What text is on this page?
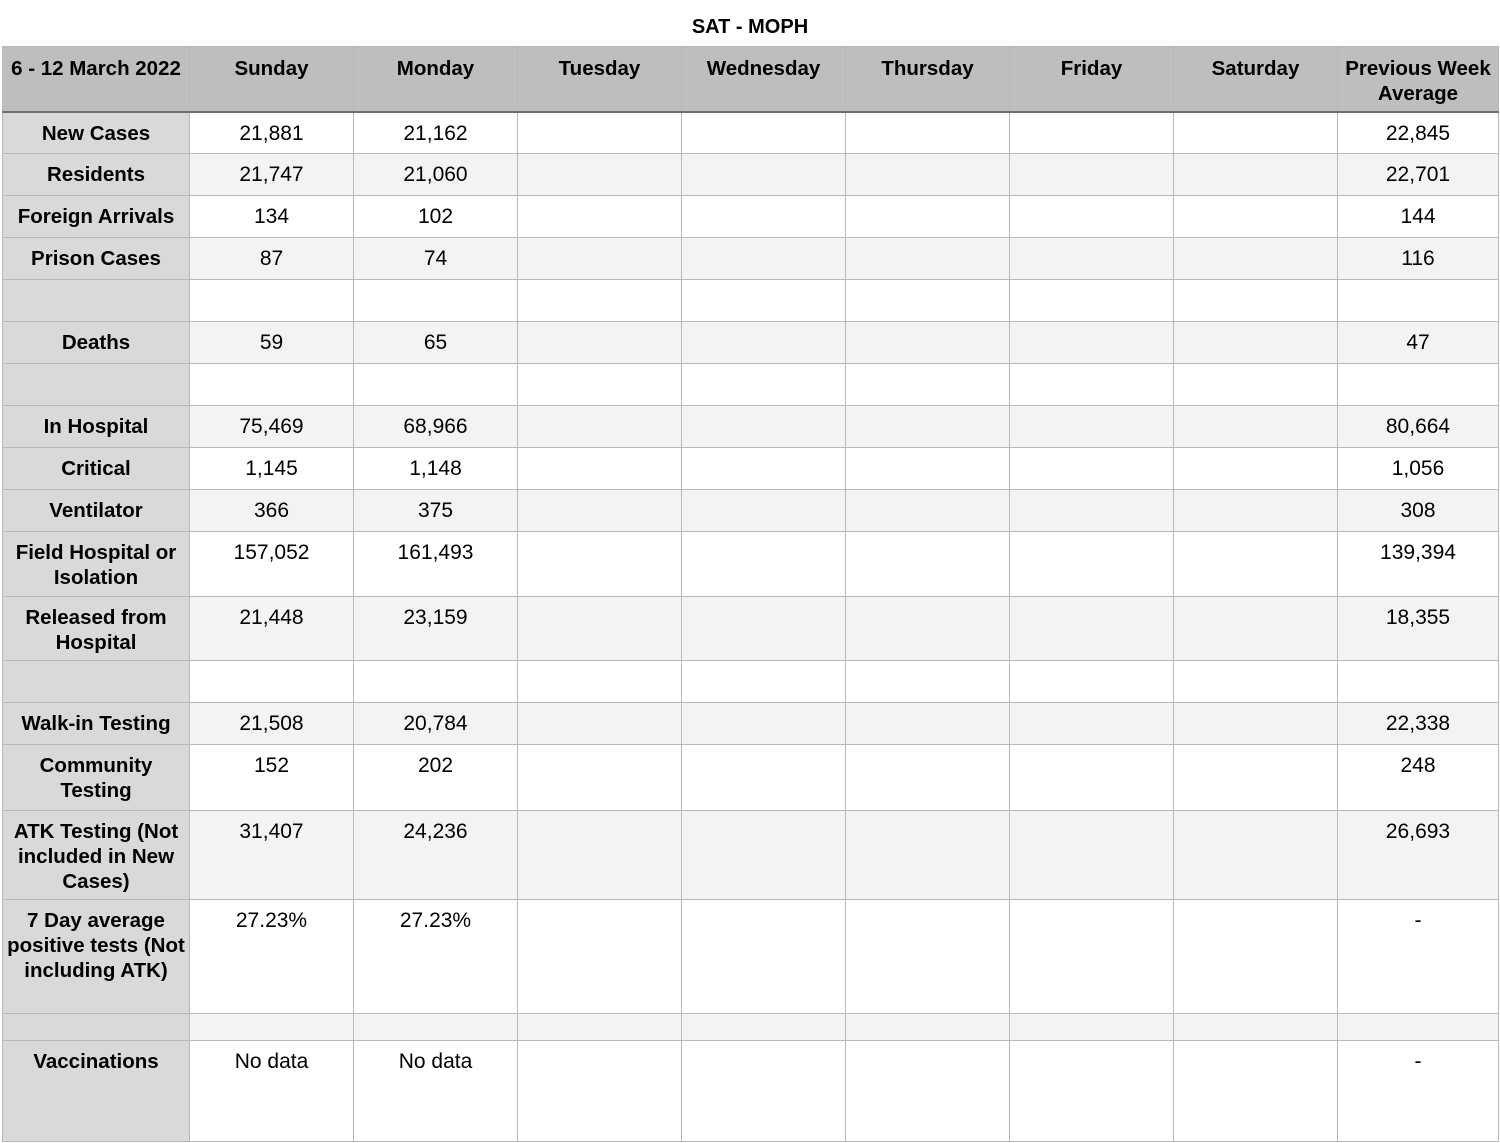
SAT - MOPH
6 - 12 March 2022	Sunday	Monday	Tuesday	Wednesday	Thursday	Friday	Saturday	Previous Week Average
New Cases	21,881	21,162						22,845
Residents	21,747	21,060						22,701
Foreign Arrivals	134	102						144
Prison Cases	87	74						116

Deaths	59	65						47

In Hospital	75,469	68,966						80,664
Critical	1,145	1,148						1,056
Ventilator	366	375						308
Field Hospital or Isolation	157,052	161,493						139,394
Released from Hospital	21,448	23,159						18,355

Walk-in Testing	21,508	20,784						22,338
Community Testing	152	202						248
ATK Testing (Not included in New Cases)	31,407	24,236						26,693
7 Day average positive tests (Not including ATK)	27.23%	27.23%						-

Vaccinations	No data	No data						-
